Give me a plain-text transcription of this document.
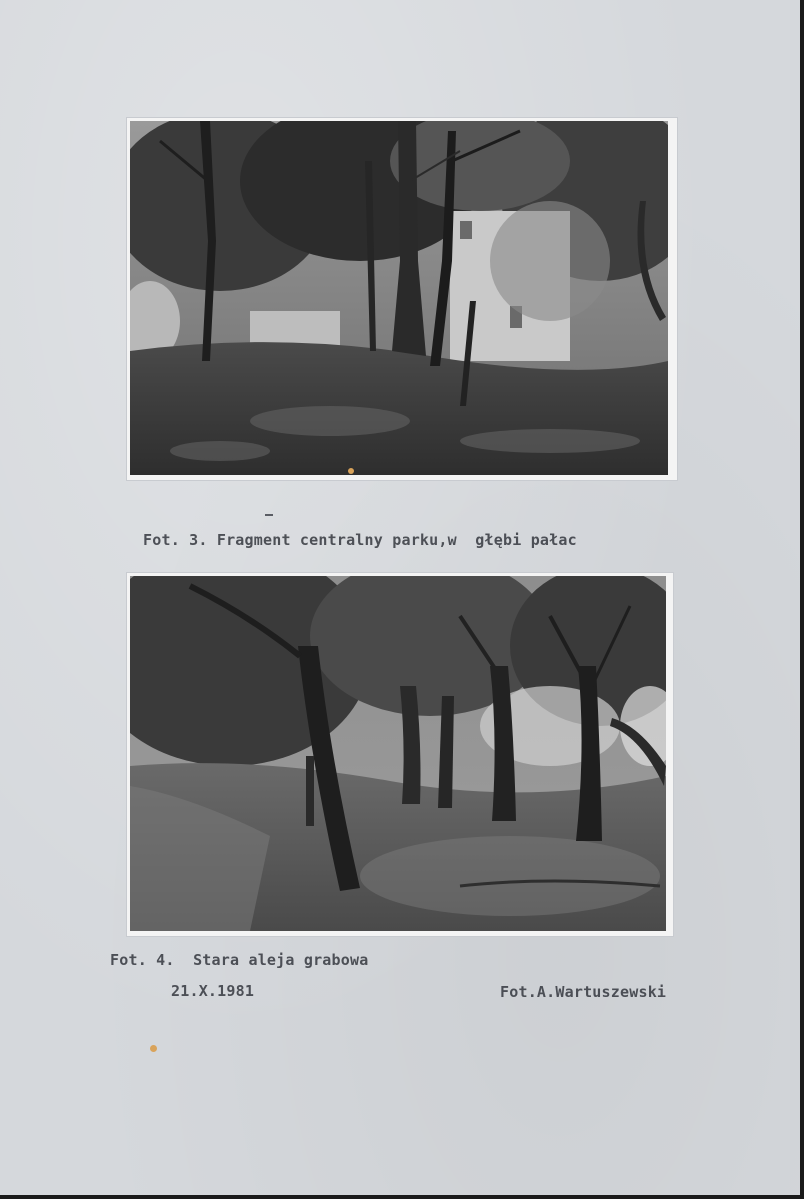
Fot. 3. Fragment centralny parku,w  głębi pałac
Fot. 4.  Stara aleja grabowa
21.X.1981	Fot.A.Wartuszewski
